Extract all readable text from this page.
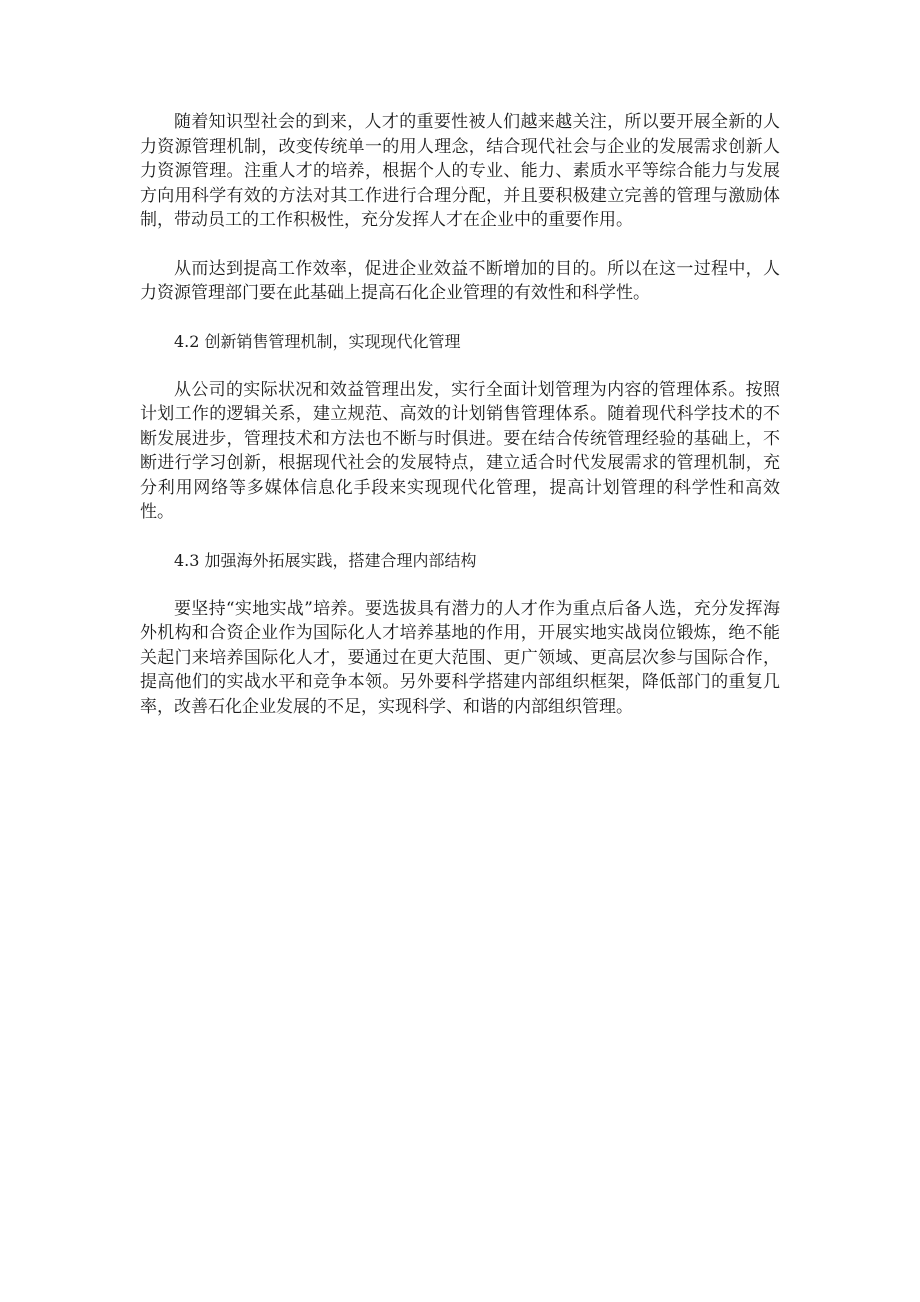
随着知识型社会的到来，人才的重要性被人们越来越关注，所以要开展全新的人力资源管理机制，改变传统单一的用人理念，结合现代社会与企业的发展需求创新人力资源管理。注重人才的培养，根据个人的专业、能力、素质水平等综合能力与发展方向用科学有效的方法对其工作进行合理分配，并且要积极建立完善的管理与激励体制，带动员工的工作积极性，充分发挥人才在企业中的重要作用。

从而达到提高工作效率，促进企业效益不断增加的目的。所以在这一过程中，人力资源管理部门要在此基础上提高石化企业管理的有效性和科学性。

4.2 创新销售管理机制，实现现代化管理

从公司的实际状况和效益管理出发，实行全面计划管理为内容的管理体系。按照计划工作的逻辑关系，建立规范、高效的计划销售管理体系。随着现代科学技术的不断发展进步，管理技术和方法也不断与时俱进。要在结合传统管理经验的基础上，不断进行学习创新，根据现代社会的发展特点，建立适合时代发展需求的管理机制，充分利用网络等多媒体信息化手段来实现现代化管理，提高计划管理的科学性和高效性。

4.3 加强海外拓展实践，搭建合理内部结构

要坚持“实地实战”培养。要选拔具有潜力的人才作为重点后备人选，充分发挥海外机构和合资企业作为国际化人才培养基地的作用，开展实地实战岗位锻炼，绝不能关起门来培养国际化人才，要通过在更大范围、更广领域、更高层次参与国际合作，提高他们的实战水平和竞争本领。另外要科学搭建内部组织框架，降低部门的重复几率，改善石化企业发展的不足，实现科学、和谐的内部组织管理。
